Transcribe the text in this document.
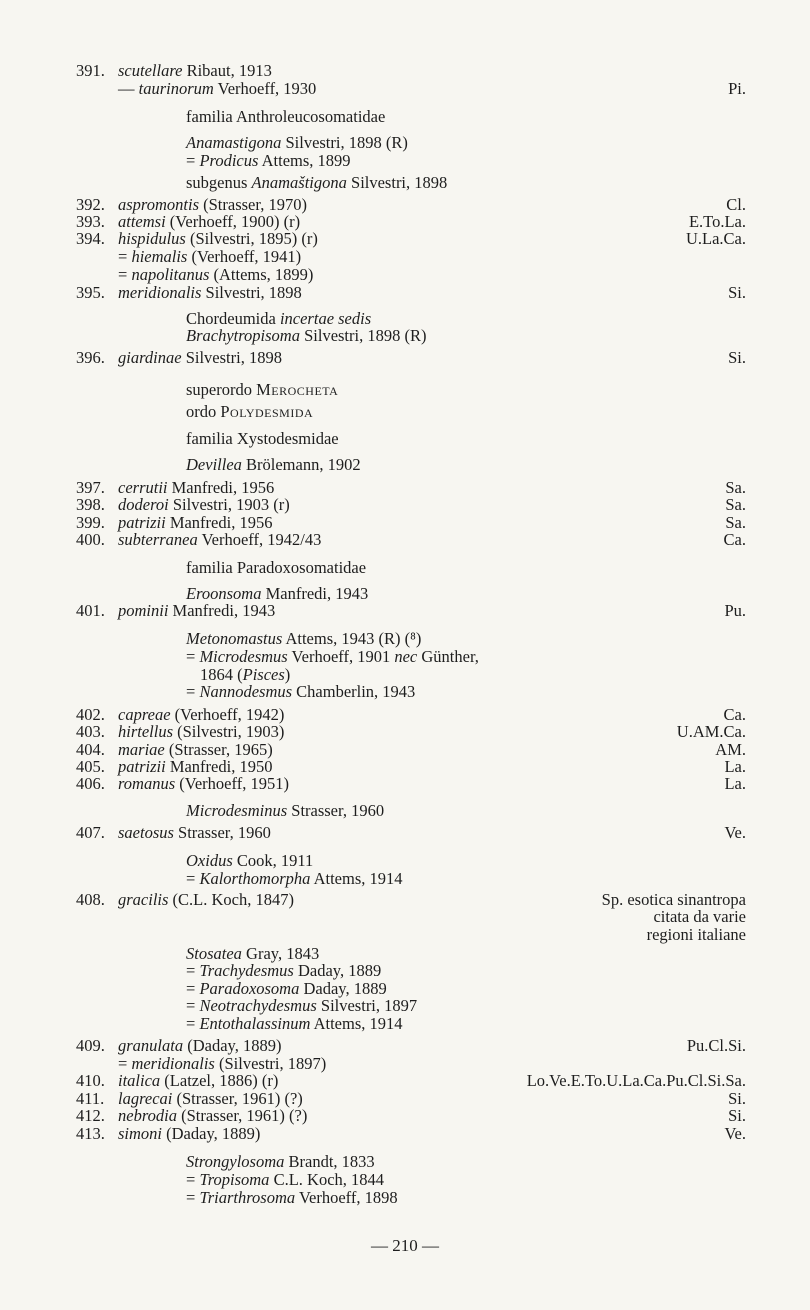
391. scutellare Ribaut, 1913
— taurinorum Verhoeff, 1930	Pi.
familia Anthroleucosomatidae
Anamastigona Silvestri, 1898 (R)
= Prodicus Attems, 1899
subgenus Anamaštigona Silvestri, 1898
392. aspromontis (Strasser, 1970)	Cl.
393. attemsi (Verhoeff, 1900) (r)	E.To.La.
394. hispidulus (Silvestri, 1895) (r)	U.La.Ca.
= hiemalis (Verhoeff, 1941)
= napolitanus (Attems, 1899)
395. meridionalis Silvestri, 1898	Si.
Chordeumida incertae sedis
Brachytropisoma Silvestri, 1898 (R)
396. giardinae Silvestri, 1898	Si.
superordo Merocheta
ordo Polydesmida
familia Xystodesmidae
Devillea Brölemann, 1902
397. cerrutii Manfredi, 1956	Sa.
398. doderoi Silvestri, 1903 (r)	Sa.
399. patrizii Manfredi, 1956	Sa.
400. subterranea Verhoeff, 1942/43	Ca.
familia Paradoxosomatidae
Eroonsoma Manfredi, 1943
401. pominii Manfredi, 1943	Pu.
Metonomastus Attems, 1943 (R) (⁸)
= Microdesmus Verhoeff, 1901 nec Günther,
1864 (Pisces)
= Nannodesmus Chamberlin, 1943
402. capreae (Verhoeff, 1942)	Ca.
403. hirtellus (Silvestri, 1903)	U.AM.Ca.
404. mariae (Strasser, 1965)	AM.
405. patrizii Manfredi, 1950	La.
406. romanus (Verhoeff, 1951)	La.
Microdesminus Strasser, 1960
407. saetosus Strasser, 1960	Ve.
Oxidus Cook, 1911
= Kalorthomorpha Attems, 1914
408. gracilis (C.L. Koch, 1847)	Sp. esotica sinantropa
citata da varie
regioni italiane
Stosatea Gray, 1843
= Trachydesmus Daday, 1889
= Paradoxosoma Daday, 1889
= Neotrachydesmus Silvestri, 1897
= Entothalassinum Attems, 1914
409. granulata (Daday, 1889)	Pu.Cl.Si.
= meridionalis (Silvestri, 1897)
410. italica (Latzel, 1886) (r)	Lo.Ve.E.To.U.La.Ca.Pu.Cl.Si.Sa.
411. lagrecai (Strasser, 1961) (?)	Si.
412. nebrodia (Strasser, 1961) (?)	Si.
413. simoni (Daday, 1889)	Ve.
Strongylosoma Brandt, 1833
= Tropisoma C.L. Koch, 1844
= Triarthrosoma Verhoeff, 1898
— 210 —
